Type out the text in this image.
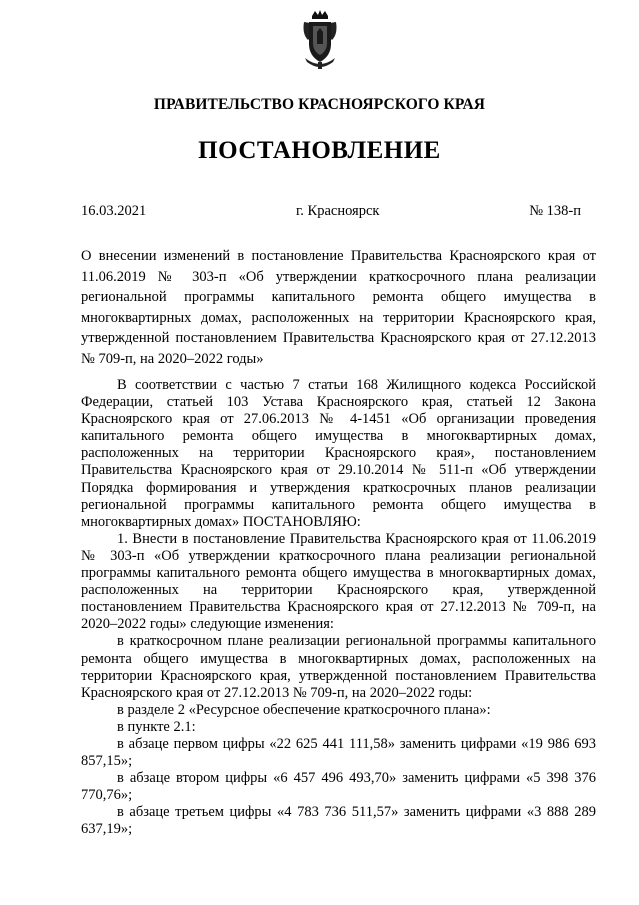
ПРАВИТЕЛЬСТВО КРАСНОЯРСКОГО КРАЯ
ПОСТАНОВЛЕНИЕ
16.03.2021	г. Красноярск	№ 138-п
О внесении изменений в постановление Правительства Красноярского края от 11.06.2019 № 303-п «Об утверждении краткосрочного плана реализации региональной программы капитального ремонта общего имущества в многоквартирных домах, расположенных на территории Красноярского края, утвержденной постановлением Правительства Красноярского края от 27.12.2013 № 709-п, на 2020–2022 годы»

В соответствии с частью 7 статьи 168 Жилищного кодекса Российской Федерации, статьей 103 Устава Красноярского края, статьей 12 Закона Красноярского края от 27.06.2013 № 4-1451 «Об организации проведения капитального ремонта общего имущества в многоквартирных домах, расположенных на территории Красноярского края», постановлением Правительства Красноярского края от 29.10.2014 № 511-п «Об утверждении Порядка формирования и утверждения краткосрочных планов реализации региональной программы капитального ремонта общего имущества в многоквартирных домах» ПОСТАНОВЛЯЮ:

1. Внести в постановление Правительства Красноярского края от 11.06.2019 № 303-п «Об утверждении краткосрочного плана реализации региональной программы капитального ремонта общего имущества в многоквартирных домах, расположенных на территории Красноярского края, утвержденной постановлением Правительства Красноярского края от 27.12.2013 № 709-п, на 2020–2022 годы» следующие изменения:

в краткосрочном плане реализации региональной программы капитального ремонта общего имущества в многоквартирных домах, расположенных на территории Красноярского края, утвержденной постановлением Правительства Красноярского края от 27.12.2013 № 709-п, на 2020–2022 годы:

в разделе 2 «Ресурсное обеспечение краткосрочного плана»:

в пункте 2.1:

в абзаце первом цифры «22 625 441 111,58» заменить цифрами «19 986 693 857,15»;

в абзаце втором цифры «6 457 496 493,70» заменить цифрами «5 398 376 770,76»;

в абзаце третьем цифры «4 783 736 511,57» заменить цифрами «3 888 289 637,19»;
